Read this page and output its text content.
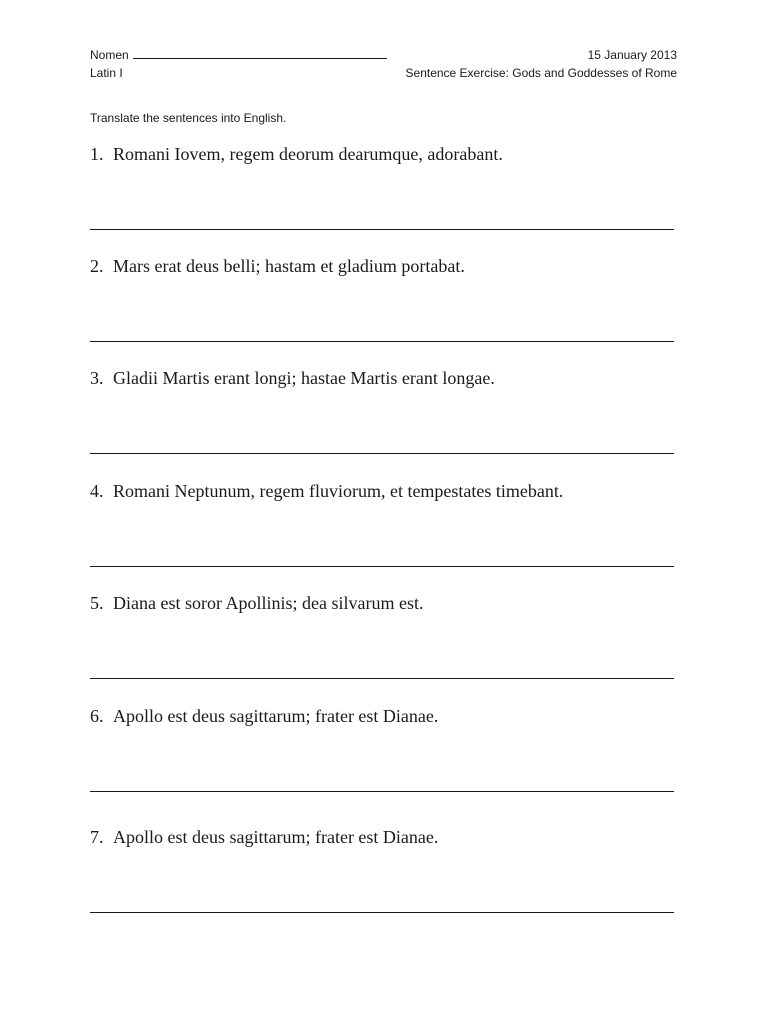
Nomen
Latin I
15 January 2013
Sentence Exercise: Gods and Goddesses of Rome
Translate the sentences into English.
1. Romani Iovem, regem deorum dearumque, adorabant.
2. Mars erat deus belli; hastam et gladium portabat.
3. Gladii Martis erant longi; hastae Martis erant longae.
4. Romani Neptunum, regem fluviorum, et tempestates timebant.
5. Diana est soror Apollinis; dea silvarum est.
6. Apollo est deus sagittarum; frater est Dianae.
7. Apollo est deus sagittarum; frater est Dianae.
